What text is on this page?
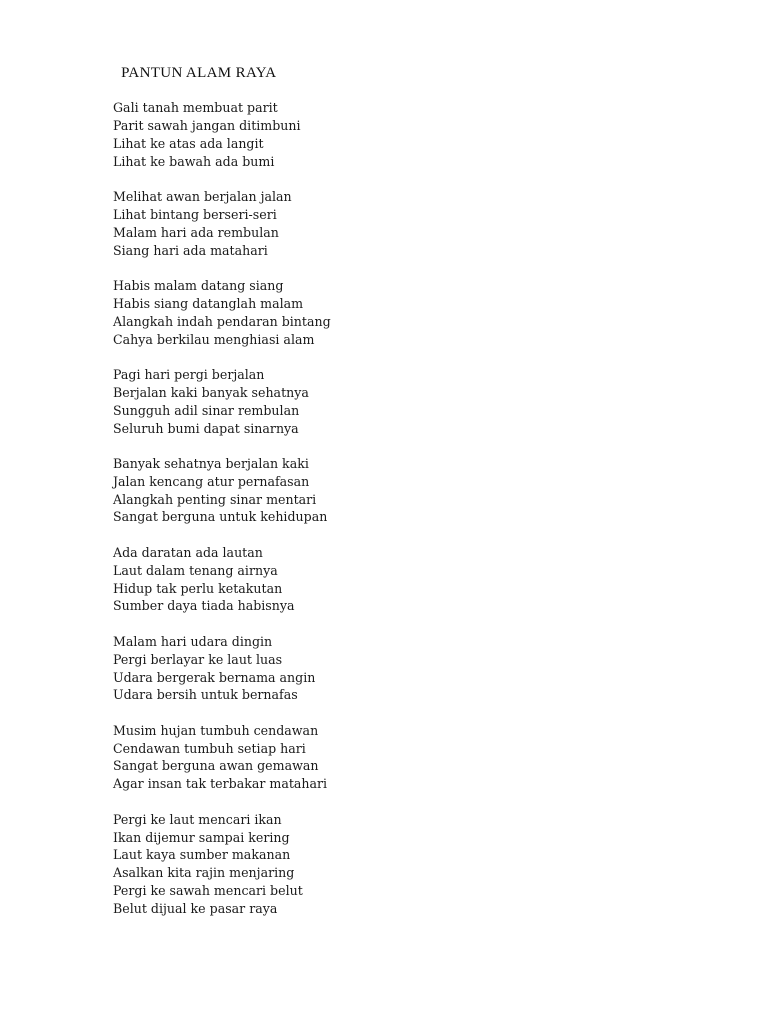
PANTUN ALAM RAYA
Gali tanah membuat parit
Parit sawah jangan ditimbuni
Lihat ke atas ada langit
Lihat ke bawah ada bumi
Melihat awan berjalan jalan
Lihat bintang berseri-seri
Malam hari ada rembulan
Siang hari ada matahari
Habis malam datang siang
Habis siang datanglah malam
Alangkah indah pendaran bintang
Cahya berkilau menghiasi alam
Pagi hari pergi berjalan
Berjalan kaki banyak sehatnya
Sungguh adil sinar rembulan
Seluruh bumi dapat sinarnya
Banyak sehatnya berjalan kaki
Jalan kencang atur pernafasan
Alangkah penting sinar mentari
Sangat berguna untuk kehidupan
Ada daratan ada lautan
Laut dalam tenang airnya
Hidup tak perlu ketakutan
Sumber daya tiada habisnya
Malam hari udara dingin
Pergi berlayar ke laut luas
Udara bergerak bernama angin
Udara bersih untuk bernafas
Musim hujan tumbuh cendawan
Cendawan tumbuh setiap hari
Sangat berguna awan gemawan
Agar insan tak terbakar matahari
Pergi ke laut mencari ikan
Ikan dijemur sampai kering
Laut kaya sumber makanan
Asalkan kita rajin menjaring
Pergi ke sawah mencari belut
Belut dijual ke pasar raya
